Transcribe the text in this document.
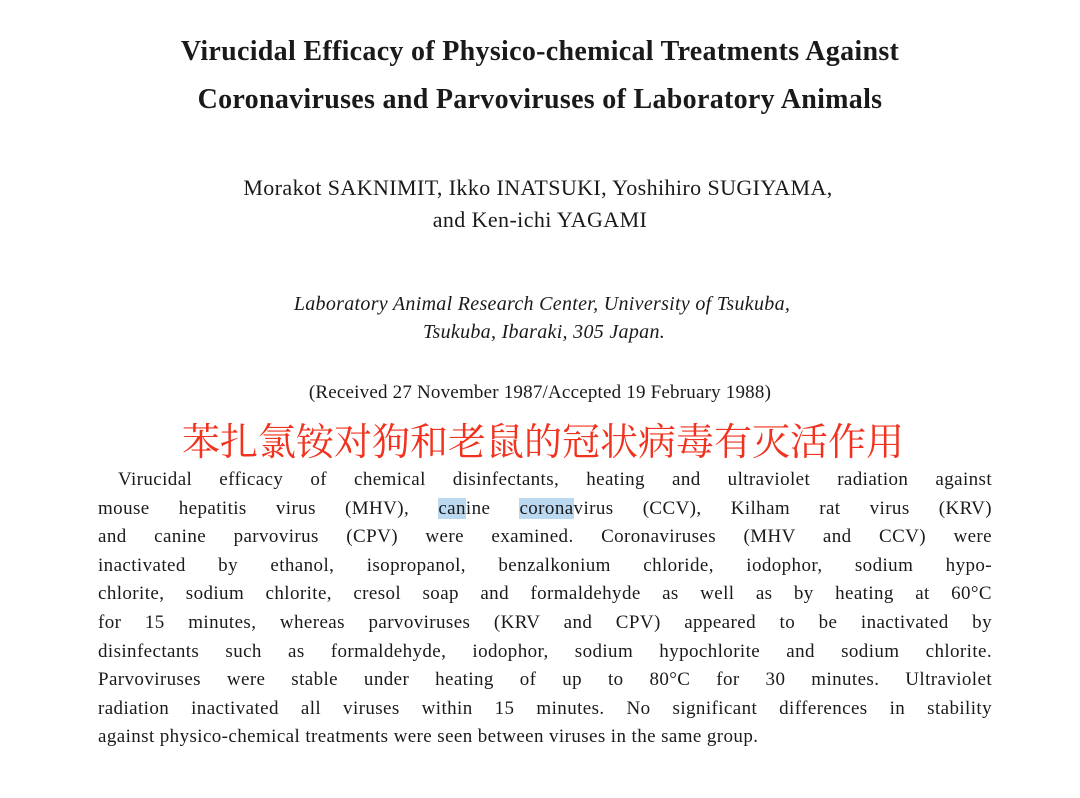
Virucidal Efficacy of Physico-chemical Treatments Against
Coronaviruses and Parvoviruses of Laboratory Animals
Morakot SAKNIMIT, Ikko INATSUKI, Yoshihiro SUGIYAMA,
and Ken-ichi YAGAMI
Laboratory Animal Research Center, University of Tsukuba,
Tsukuba, Ibaraki, 305 Japan.
(Received 27 November 1987/Accepted 19 February 1988)
苯扎氯铵对狗和老鼠的冠状病毒有灭活作用
Virucidal efficacy of chemical disinfectants, heating and ultraviolet radiation against
mouse hepatitis virus (MHV), canine coronavirus (CCV), Kilham rat virus (KRV)
and canine parvovirus (CPV) were examined. Coronaviruses (MHV and CCV) were
inactivated by ethanol, isopropanol, benzalkonium chloride, iodophor, sodium hypo-
chlorite, sodium chlorite, cresol soap and formaldehyde as well as by heating at 60°C
for 15 minutes, whereas parvoviruses (KRV and CPV) appeared to be inactivated by
disinfectants such as formaldehyde, iodophor, sodium hypochlorite and sodium chlorite.
Parvoviruses were stable under heating of up to 80°C for 30 minutes. Ultraviolet
radiation inactivated all viruses within 15 minutes. No significant differences in stability
against physico-chemical treatments were seen between viruses in the same group.
